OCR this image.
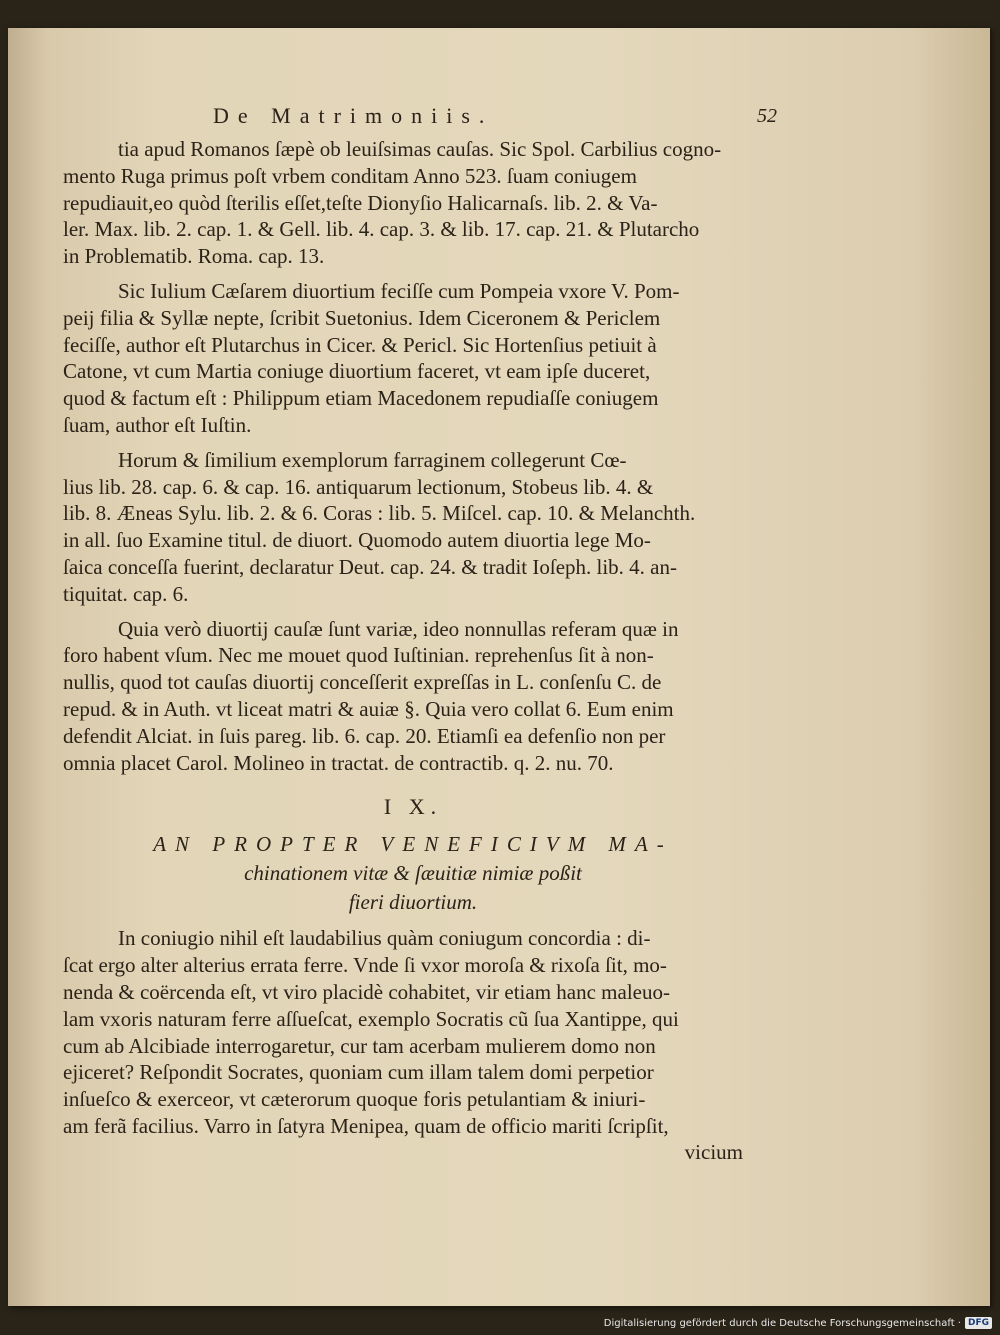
De Matrimoniis.	52
tia apud Romanos ſæpè ob leuiſsimas cauſas. Sic Spol. Carbilius cogno-
mento Ruga primus poſt vrbem conditam Anno 523. ſuam coniugem
repudiauit,eo quòd ſterilis eſſet,teſte Dionyſio Halicarnaſs. lib. 2. & Va-
ler. Max. lib. 2. cap. 1. & Gell. lib. 4. cap. 3. & lib. 17. cap. 21. & Plutarcho
in Problematib. Roma. cap. 13.
Sic Iulium Cæſarem diuortium feciſſe cum Pompeia vxore V. Pom-
peij filia & Syllæ nepte, ſcribit Suetonius. Idem Ciceronem & Periclem
feciſſe, author eſt Plutarchus in Cicer. & Pericl. Sic Hortenſius petiuit à
Catone, vt cum Martia coniuge diuortium faceret, vt eam ipſe duceret,
quod & factum eſt : Philippum etiam Macedonem repudiaſſe coniugem
ſuam, author eſt Iuſtin.
Horum & ſimilium exemplorum farraginem collegerunt Cœ-
lius lib. 28. cap. 6. & cap. 16. antiquarum lectionum, Stobeus lib. 4. &
lib. 8. Æneas Sylu. lib. 2. & 6. Coras : lib. 5. Miſcel. cap. 10. & Melanchth.
in all. ſuo Examine titul. de diuort. Quomodo autem diuortia lege Mo-
ſaica conceſſa fuerint, declaratur Deut. cap. 24. & tradit Ioſeph. lib. 4. an-
tiquitat. cap. 6.
Quia verò diuortij cauſæ ſunt variæ, ideo nonnullas referam quæ in
foro habent vſum. Nec me mouet quod Iuſtinian. reprehenſus ſit à non-
nullis, quod tot cauſas diuortij conceſſerit expreſſas in L. conſenſu C. de
repud. & in Auth. vt liceat matri & auiæ §. Quia vero collat 6. Eum enim
defendit Alciat. in ſuis pareg. lib. 6. cap. 20. Etiamſi ea defenſio non per
omnia placet Carol. Molineo in tractat. de contractib. q. 2. nu. 70.
I X.
AN PROPTER VENEFICIVM MA-
chinationem vitæ & ſæuitiæ nimiæ poßit
fieri diuortium.
In coniugio nihil eſt laudabilius quàm coniugum concordia : di-
ſcat ergo alter alterius errata ferre. Vnde ſi vxor moroſa & rixoſa ſit, mo-
nenda & coërcenda eſt, vt viro placidè cohabitet, vir etiam hanc maleuo-
lam vxoris naturam ferre aſſueſcat, exemplo Socratis cũ ſua Xantippe, qui
cum ab Alcibiade interrogaretur, cur tam acerbam mulierem domo non
ejiceret? Reſpondit Socrates, quoniam cum illam talem domi perpetior
inſueſco & exerceor, vt cæterorum quoque foris petulantiam & iniuri-
am ferã facilius. Varro in ſatyra Menipea, quam de officio mariti ſcripſit,
vicium
Digitalisierung gefördert durch die Deutsche Forschungsgemeinschaft · DFG
